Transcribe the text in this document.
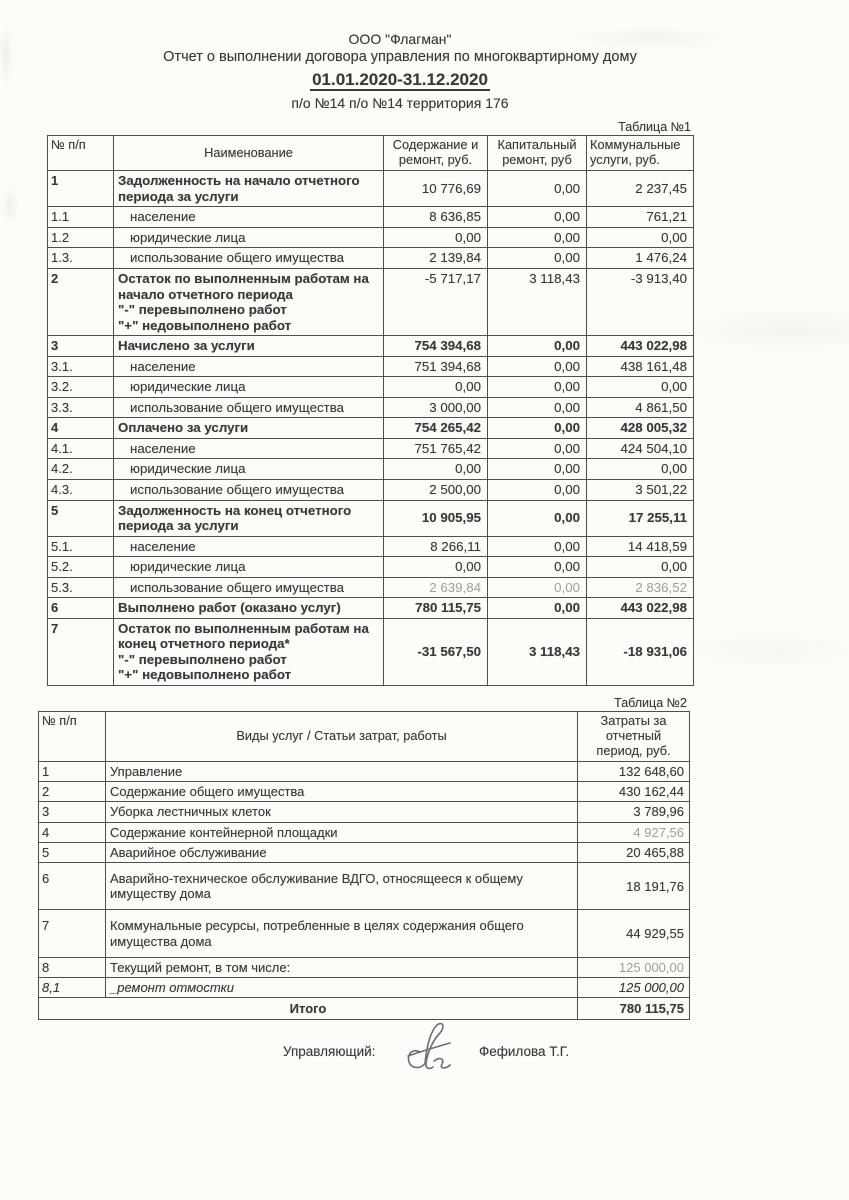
ООО "Флагман"
Отчет о выполнении договора управления по многоквартирному дому
01.01.2020-31.12.2020
п/о №14 п/о №14 территория 176
Таблица №1
№ п/п	Наименование	Содержание и ремонт, руб.	Капитальный ремонт, руб	Коммунальные услуги, руб.
1	Задолженность на начало отчетного периода за услуги	10 776,69	0,00	2 237,45
1.1	население	8 636,85	0,00	761,21
1.2	юридические лица	0,00	0,00	0,00
1.3.	использование общего имущества	2 139,84	0,00	1 476,24
2	Остаток по выполненным работам на начало отчетного периода
"-" перевыполнено работ
"+" недовыполнено работ	-5 717,17	3 118,43	-3 913,40
3	Начислено за услуги	754 394,68	0,00	443 022,98
3.1.	население	751 394,68	0,00	438 161,48
3.2.	юридические лица	0,00	0,00	0,00
3.3.	использование общего имущества	3 000,00	0,00	4 861,50
4	Оплачено за услуги	754 265,42	0,00	428 005,32
4.1.	население	751 765,42	0,00	424 504,10
4.2.	юридические лица	0,00	0,00	0,00
4.3.	использование общего имущества	2 500,00	0,00	3 501,22
5	Задолженность на конец отчетного периода за услуги	10 905,95	0,00	17 255,11
5.1.	население	8 266,11	0,00	14 418,59
5.2.	юридические лица	0,00	0,00	0,00
5.3.	использование общего имущества	2 639,84	0,00	2 836,52
6	Выполнено работ (оказано услуг)	780 115,75	0,00	443 022,98
7	Остаток по выполненным работам на конец отчетного периода*
"-" перевыполнено работ
"+" недовыполнено работ	-31 567,50	3 118,43	-18 931,06
Таблица №2
№ п/п	Виды услуг / Статьи затрат, работы	Затраты за отчетный период, руб.
1	Управление	132 648,60
2	Содержание общего имущества	430 162,44
3	Уборка лестничных клеток	3 789,96
4	Содержание контейнерной площадки	4 927,56
5	Аварийное обслуживание	20 465,88
6	Аварийно-техническое обслуживание ВДГО, относящееся к общему имуществу дома	18 191,76
7	Коммунальные ресурсы, потребленные в целях содержания общего имущества дома	44 929,55
8	Текущий ремонт, в том числе:	125 000,00
8,1	_ремонт отмостки	125 000,00
Итого		780 115,75
Управляющий:	Фефилова Т.Г.
